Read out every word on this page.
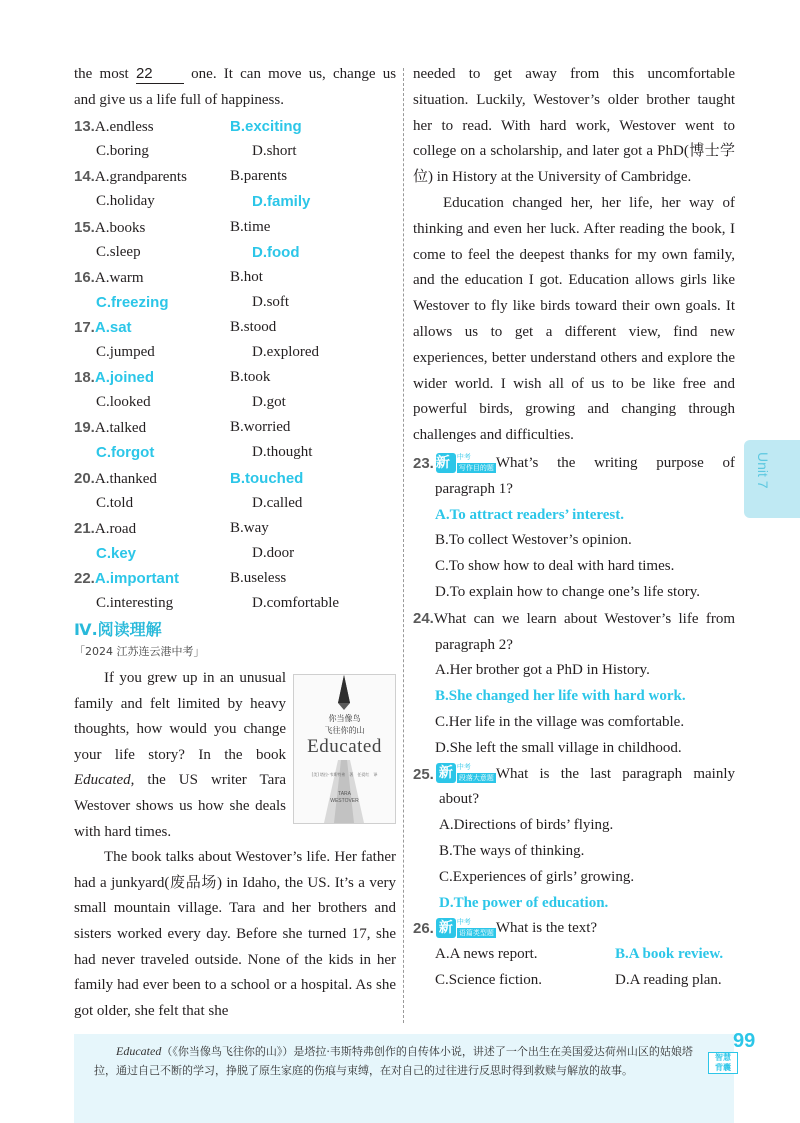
the most 22	one. It can move us, change us
and give us a life full of happiness.
13.A.endless	B.exciting
C.boring	D.short
14.A.grandparents	B.parents
C.holiday	D.family
15.A.books	B.time
C.sleep	D.food
16.A.warm	B.hot
C.freezing	D.soft
17.A.sat	B.stood
C.jumped	D.explored
18.A.joined	B.took
C.looked	D.got
19.A.talked	B.worried
C.forgot	D.thought
20.A.thanked	B.touched
C.told	D.called
21.A.road	B.way
C.key	D.door
22.A.important	B.useless
C.interesting	D.comfortable
Ⅳ.阅读理解
「2024 江苏连云港中考」
If you grew up in an unusual
family and felt limited by heavy
thoughts, how would you change
your life story? In the book
Educated, the US writer Tara
Westover shows us how she deals
with hard times.

The book talks about Westover’s life. Her father had a junkyard(废品场) in Idaho, the US. It’s a very small mountain village. Tara and her brothers and sisters worked every day. Before she turned 17, she had never traveled outside. None of the kids in her family had ever been to a school or a hospital. As she got older, she felt that she

你当像鸟
飞往你的山
Educated
[美] 塔拉·韦斯特弗　著　任爱红　译
TARA
WESTOVER

needed to get away from this uncomfortable situation. Luckily, Westover’s older brother taught her to read. With hard work, Westover went to college on a scholarship, and later got a PhD(博士学位) in History at the University of Cambridge.

Education changed her, her life, her way of thinking and even her luck. After reading the book, I come to feel the deepest thanks for my own family, and the education I got. Education allows girls like Westover to fly like birds toward their own goals. It allows us to get a different view, find new experiences, better understand others and explore the wider world. I wish all of us to be like free and powerful birds, growing and changing through challenges and difficulties.

23. 新	中考
写作目的题 What’s the writing purpose of
paragraph 1?
A.To attract readers’ interest.
B.To collect Westover’s opinion.
C.To show how to deal with hard times.
D.To explain how to change one’s life story.
24.What can we learn about Westover’s life from
paragraph 2?
A.Her brother got a PhD in History.
B.She changed her life with hard work.
C.Her life in the village was comfortable.
D.She left the small village in childhood.
25. 新 中考
段落大意题 What is the last paragraph mainly
about?
A.Directions of birds’ flying.
B.The ways of thinking.
C.Experiences of girls’ growing.
D.The power of education.
26. 新 中考
语篇类型题 What is the text?
A.A news report.	B.A book review.
C.Science fiction.	D.A reading plan.
Unit 7

Educated（《你当像鸟飞往你的山》）是塔拉·韦斯特弗创作的自传体小说，讲述了一个出生在美国爱达荷州山区的姑娘塔拉，通过自己不断的学习，挣脱了原生家庭的伤痕与束缚，在对自己的过往进行反思时得到救赎与解放的故事。

99
智慧
背囊
